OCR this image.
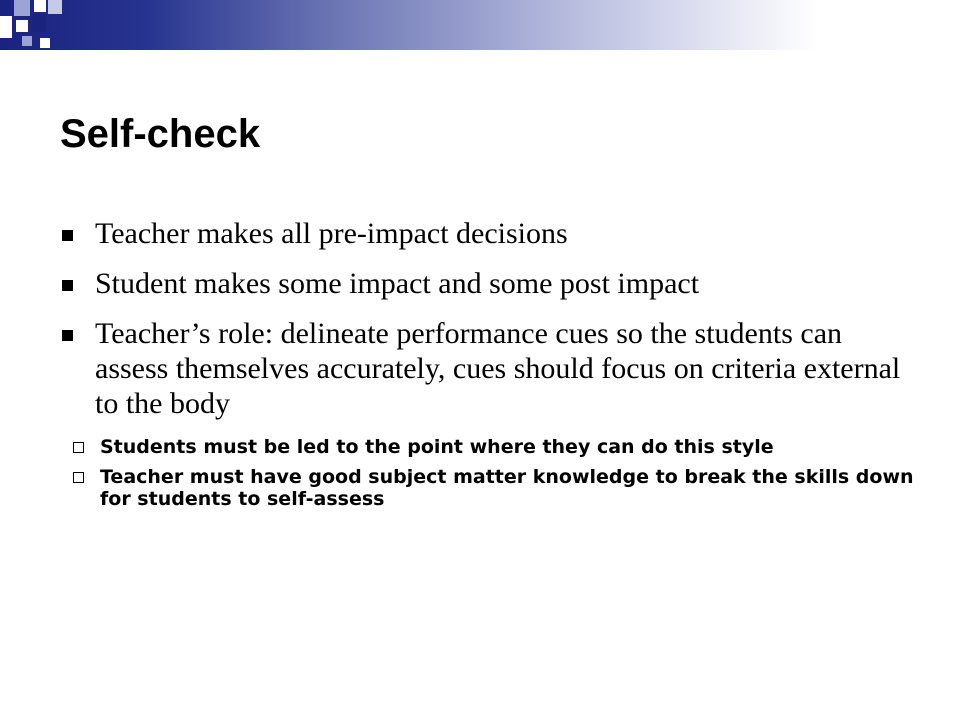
Self-check
Teacher makes all pre-impact decisions
Student makes some impact and some post impact
Teacher’s role: delineate performance cues so the students can assess themselves accurately, cues should focus on criteria external to the body
Students must be led to the point where they can do this style
Teacher must have good subject matter knowledge to break the skills down for students to self-assess
